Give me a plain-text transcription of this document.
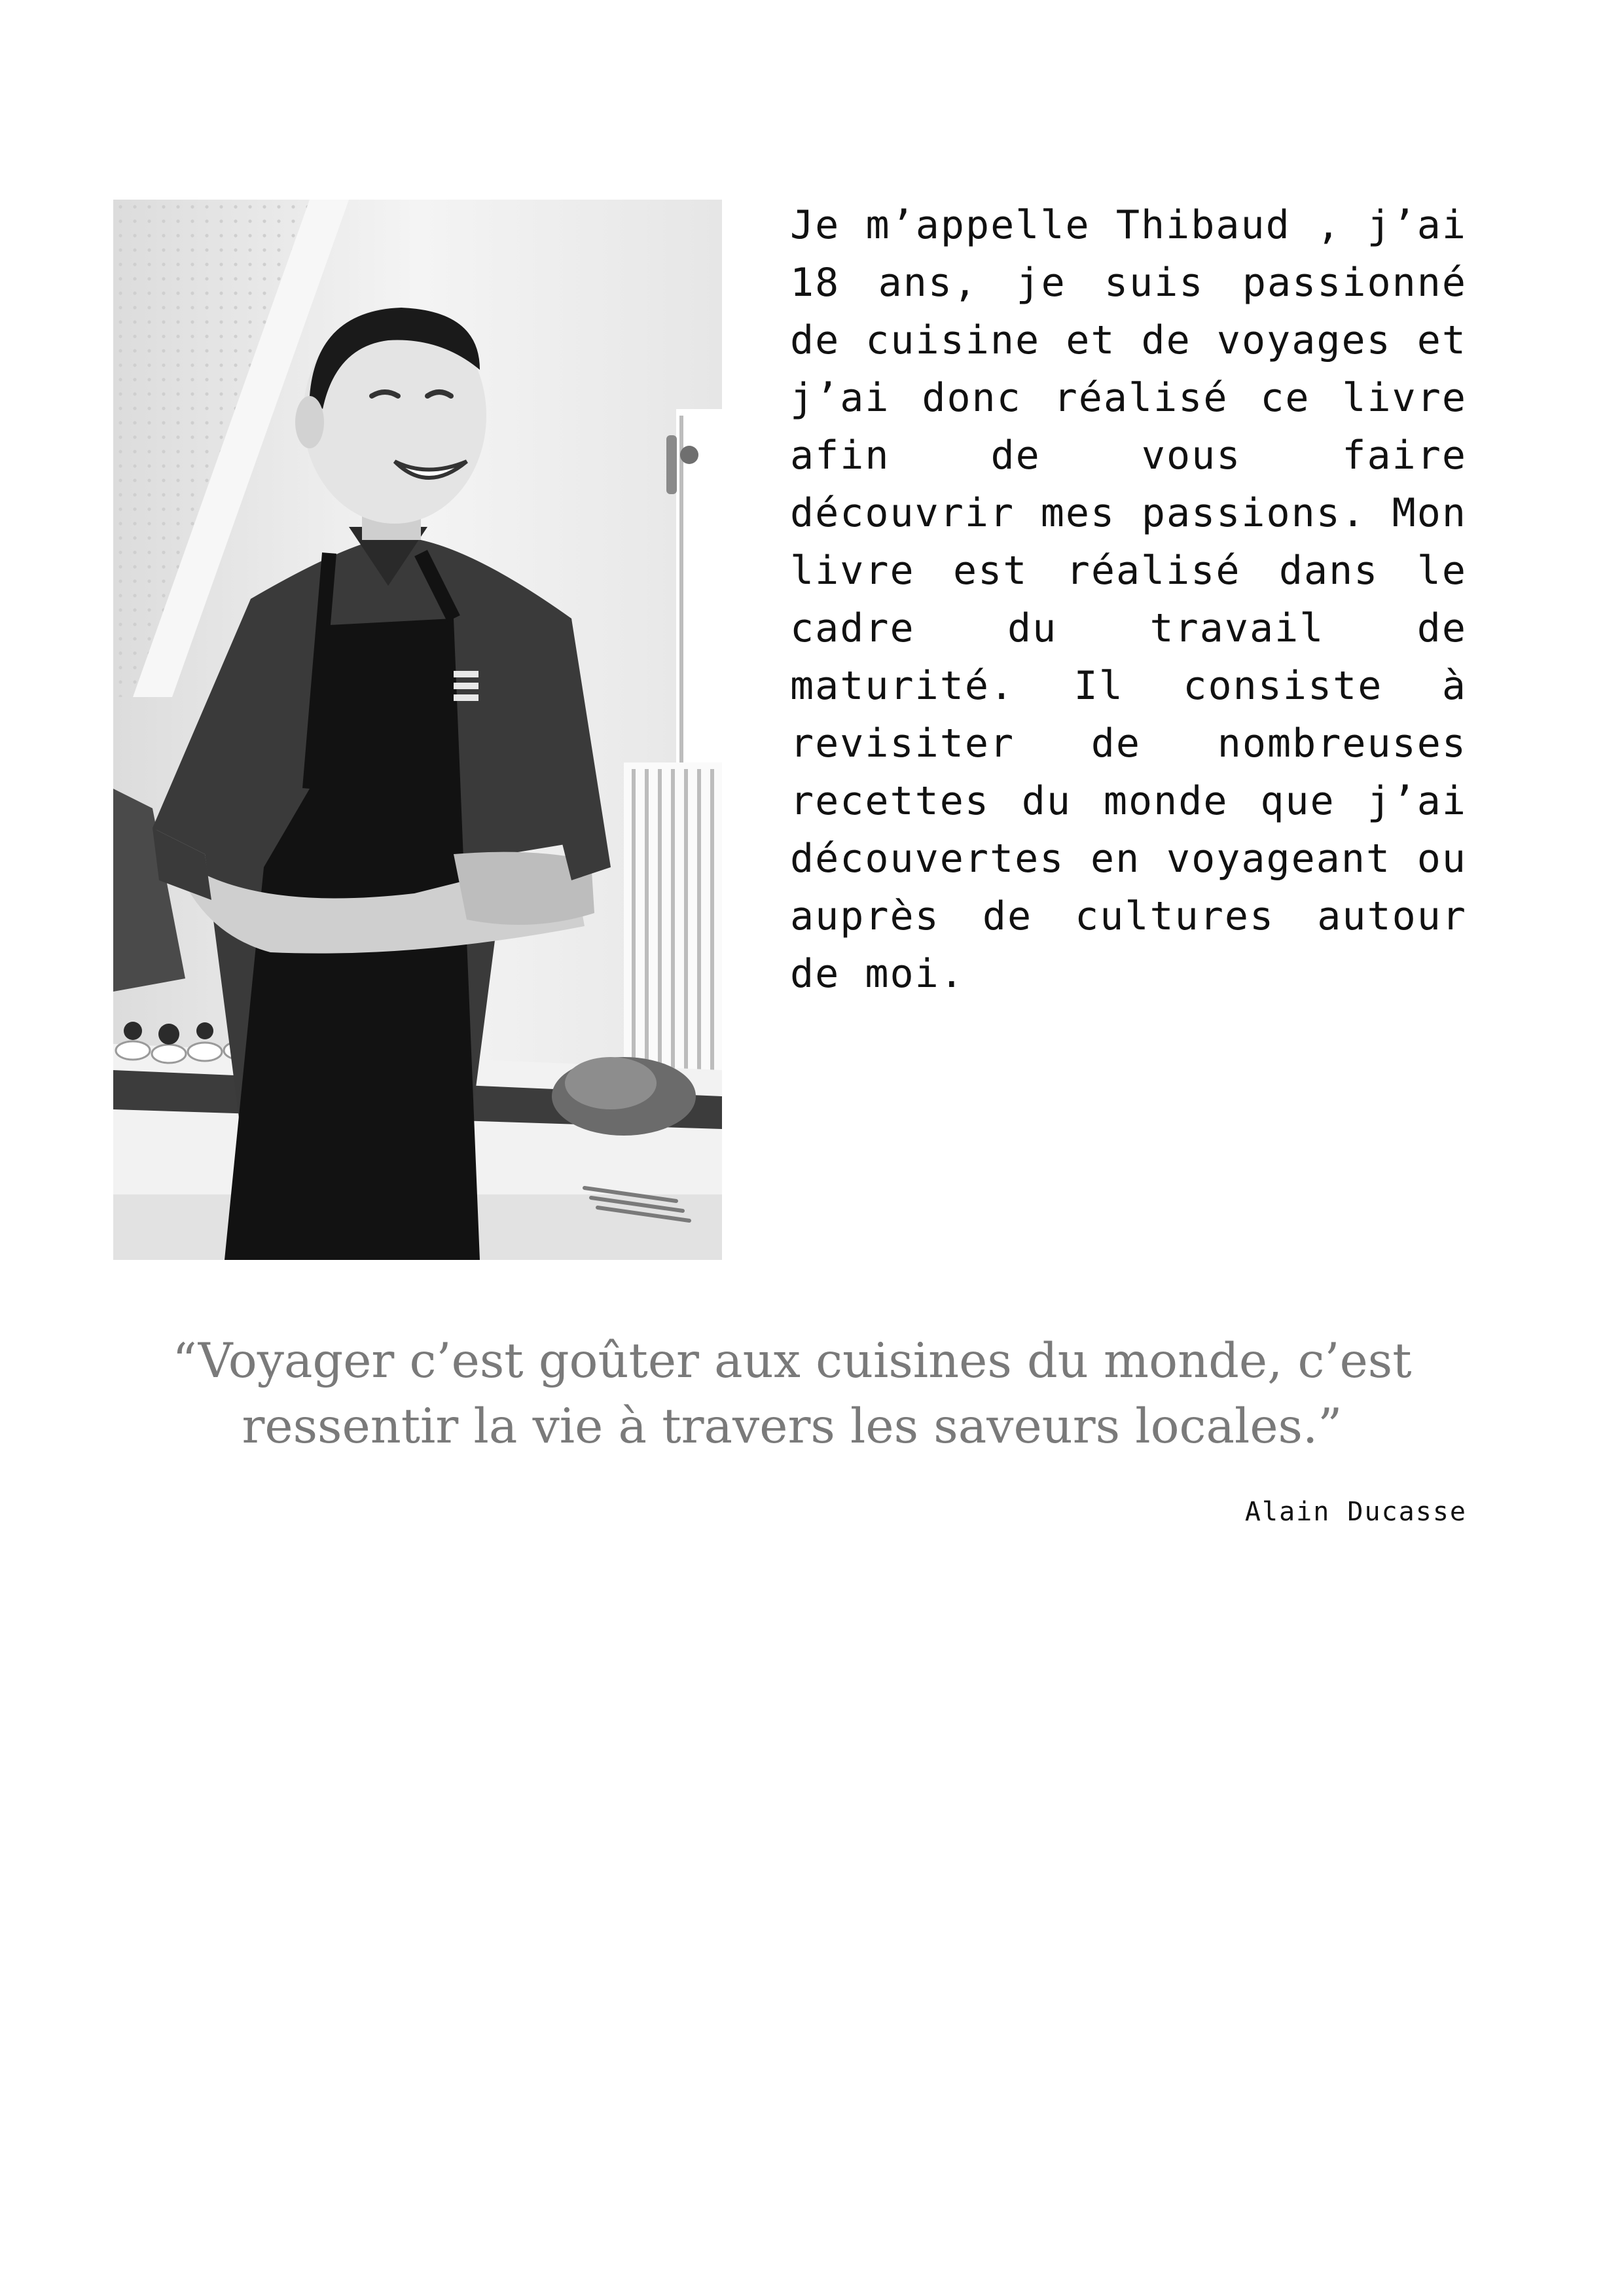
Je m’appelle Thibaud , j’ai 18 ans, je suis passionné de cuisine et de voyages et j’ai donc réalisé ce livre afin de vous faire découvrir mes passions. Mon livre est réalisé dans le cadre du travail de maturité. Il consiste à revisiter de nombreuses recettes du monde que j’ai découvertes en voyageant ou auprès de cultures autour de moi.

“Voyager c’est goûter aux cuisines du monde, c’est ressentir la vie à travers les saveurs locales.”

Alain Ducasse
